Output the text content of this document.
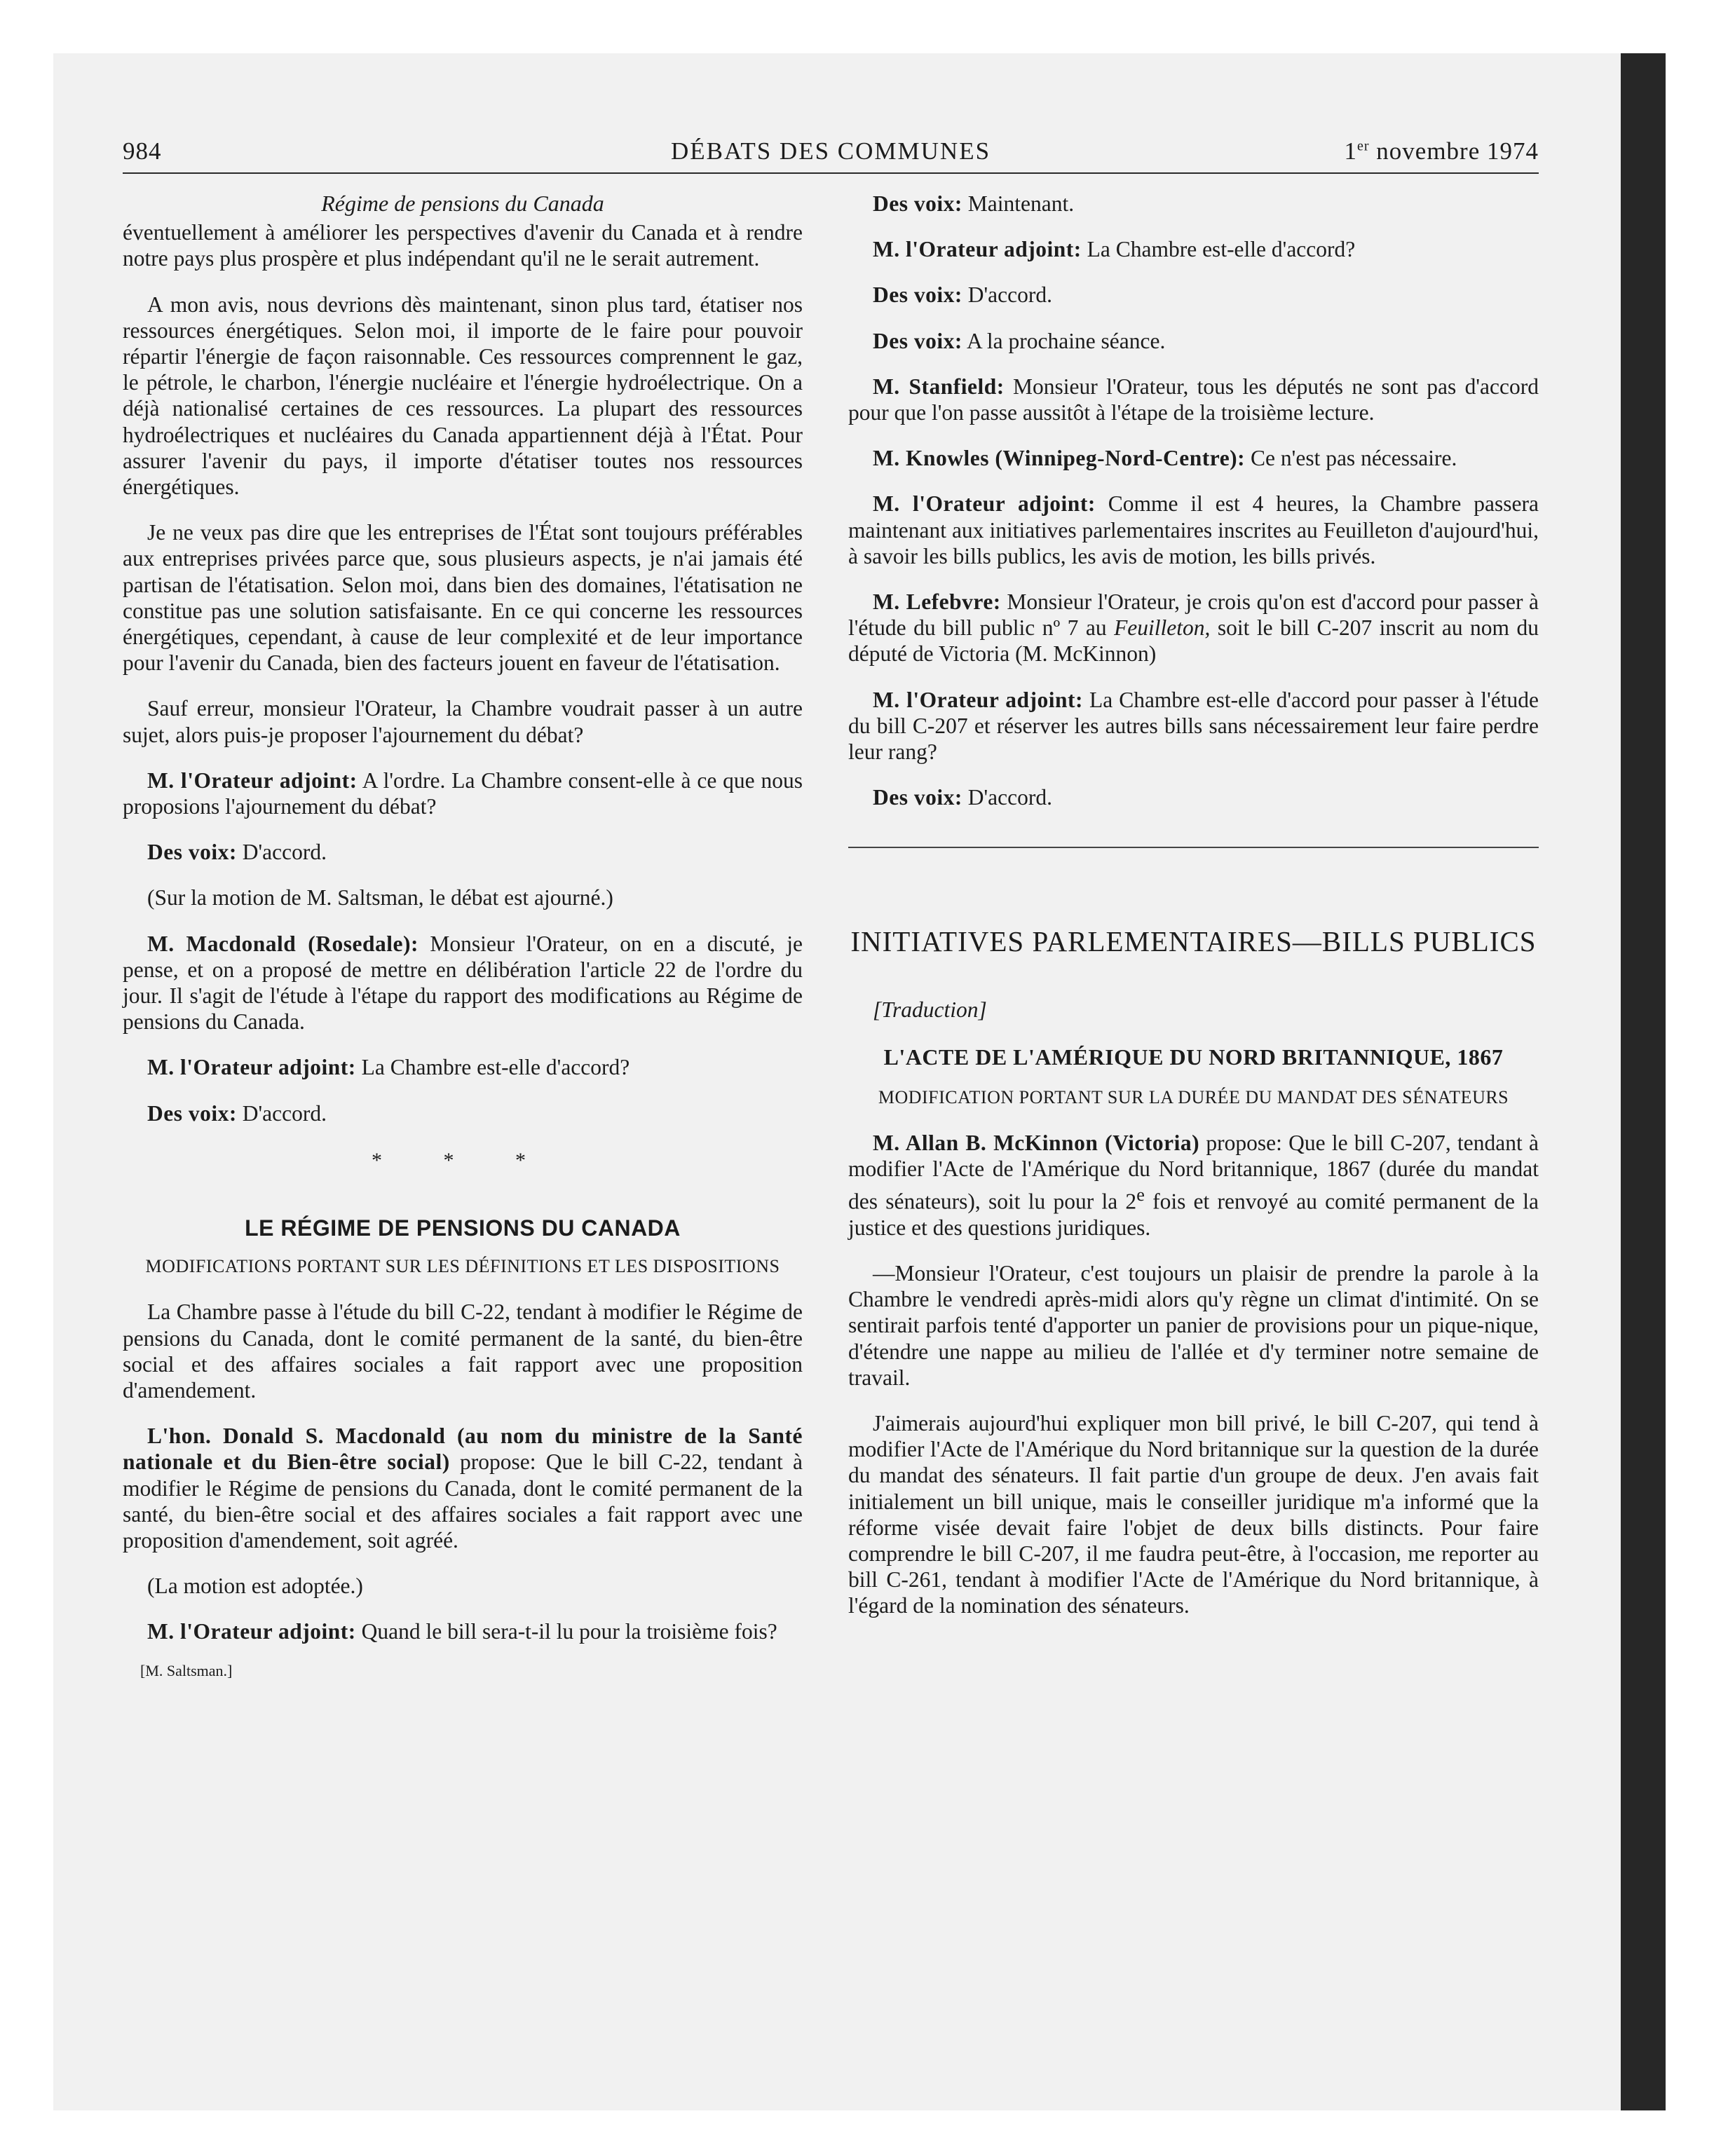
984	DÉBATS DES COMMUNES	1er novembre 1974
Régime de pensions du Canada

éventuellement à améliorer les perspectives d'avenir du Canada et à rendre notre pays plus prospère et plus indépendant qu'il ne le serait autrement.

A mon avis, nous devrions dès maintenant, sinon plus tard, étatiser nos ressources énergétiques. Selon moi, il importe de le faire pour pouvoir répartir l'énergie de façon raisonnable. Ces ressources comprennent le gaz, le pétrole, le charbon, l'énergie nucléaire et l'énergie hydroélectrique. On a déjà nationalisé certaines de ces ressources. La plupart des ressources hydroélectriques et nucléaires du Canada appartiennent déjà à l'État. Pour assurer l'avenir du pays, il importe d'étatiser toutes nos ressources énergétiques.

Je ne veux pas dire que les entreprises de l'État sont toujours préférables aux entreprises privées parce que, sous plusieurs aspects, je n'ai jamais été partisan de l'étatisation. Selon moi, dans bien des domaines, l'étatisation ne constitue pas une solution satisfaisante. En ce qui concerne les ressources énergétiques, cependant, à cause de leur complexité et de leur importance pour l'avenir du Canada, bien des facteurs jouent en faveur de l'étatisation.

Sauf erreur, monsieur l'Orateur, la Chambre voudrait passer à un autre sujet, alors puis-je proposer l'ajournement du débat?

M. l'Orateur adjoint: A l'ordre. La Chambre consent-elle à ce que nous proposions l'ajournement du débat?

Des voix: D'accord.

(Sur la motion de M. Saltsman, le débat est ajourné.)

M. Macdonald (Rosedale): Monsieur l'Orateur, on en a discuté, je pense, et on a proposé de mettre en délibération l'article 22 de l'ordre du jour. Il s'agit de l'étude à l'étape du rapport des modifications au Régime de pensions du Canada.

M. l'Orateur adjoint: La Chambre est-elle d'accord?

Des voix: D'accord.

* * *
LE RÉGIME DE PENSIONS DU CANADA
MODIFICATIONS PORTANT SUR LES DÉFINITIONS ET LES DISPOSITIONS

La Chambre passe à l'étude du bill C-22, tendant à modifier le Régime de pensions du Canada, dont le comité permanent de la santé, du bien-être social et des affaires sociales a fait rapport avec une proposition d'amendement.

L'hon. Donald S. Macdonald (au nom du ministre de la Santé nationale et du Bien-être social) propose: Que le bill C-22, tendant à modifier le Régime de pensions du Canada, dont le comité permanent de la santé, du bien-être social et des affaires sociales a fait rapport avec une proposition d'amendement, soit agréé.

(La motion est adoptée.)

M. l'Orateur adjoint: Quand le bill sera-t-il lu pour la troisième fois?

[M. Saltsman.]

Des voix: Maintenant.

M. l'Orateur adjoint: La Chambre est-elle d'accord?

Des voix: D'accord.

Des voix: A la prochaine séance.

M. Stanfield: Monsieur l'Orateur, tous les députés ne sont pas d'accord pour que l'on passe aussitôt à l'étape de la troisième lecture.

M. Knowles (Winnipeg-Nord-Centre): Ce n'est pas nécessaire.

M. l'Orateur adjoint: Comme il est 4 heures, la Chambre passera maintenant aux initiatives parlementaires inscrites au Feuilleton d'aujourd'hui, à savoir les bills publics, les avis de motion, les bills privés.

M. Lefebvre: Monsieur l'Orateur, je crois qu'on est d'accord pour passer à l'étude du bill public nº 7 au Feuilleton, soit le bill C-207 inscrit au nom du député de Victoria (M. McKinnon)

M. l'Orateur adjoint: La Chambre est-elle d'accord pour passer à l'étude du bill C-207 et réserver les autres bills sans nécessairement leur faire perdre leur rang?

Des voix: D'accord.

INITIATIVES PARLEMENTAIRES—BILLS PUBLICS

[Traduction]

L'ACTE DE L'AMÉRIQUE DU NORD BRITANNIQUE, 1867
MODIFICATION PORTANT SUR LA DURÉE DU MANDAT DES SÉNATEURS

M. Allan B. McKinnon (Victoria) propose: Que le bill C-207, tendant à modifier l'Acte de l'Amérique du Nord britannique, 1867 (durée du mandat des sénateurs), soit lu pour la 2e fois et renvoyé au comité permanent de la justice et des questions juridiques.

—Monsieur l'Orateur, c'est toujours un plaisir de prendre la parole à la Chambre le vendredi après-midi alors qu'y règne un climat d'intimité. On se sentirait parfois tenté d'apporter un panier de provisions pour un pique-nique, d'étendre une nappe au milieu de l'allée et d'y terminer notre semaine de travail.

J'aimerais aujourd'hui expliquer mon bill privé, le bill C-207, qui tend à modifier l'Acte de l'Amérique du Nord britannique sur la question de la durée du mandat des sénateurs. Il fait partie d'un groupe de deux. J'en avais fait initialement un bill unique, mais le conseiller juridique m'a informé que la réforme visée devait faire l'objet de deux bills distincts. Pour faire comprendre le bill C-207, il me faudra peut-être, à l'occasion, me reporter au bill C-261, tendant à modifier l'Acte de l'Amérique du Nord britannique, à l'égard de la nomination des sénateurs.
